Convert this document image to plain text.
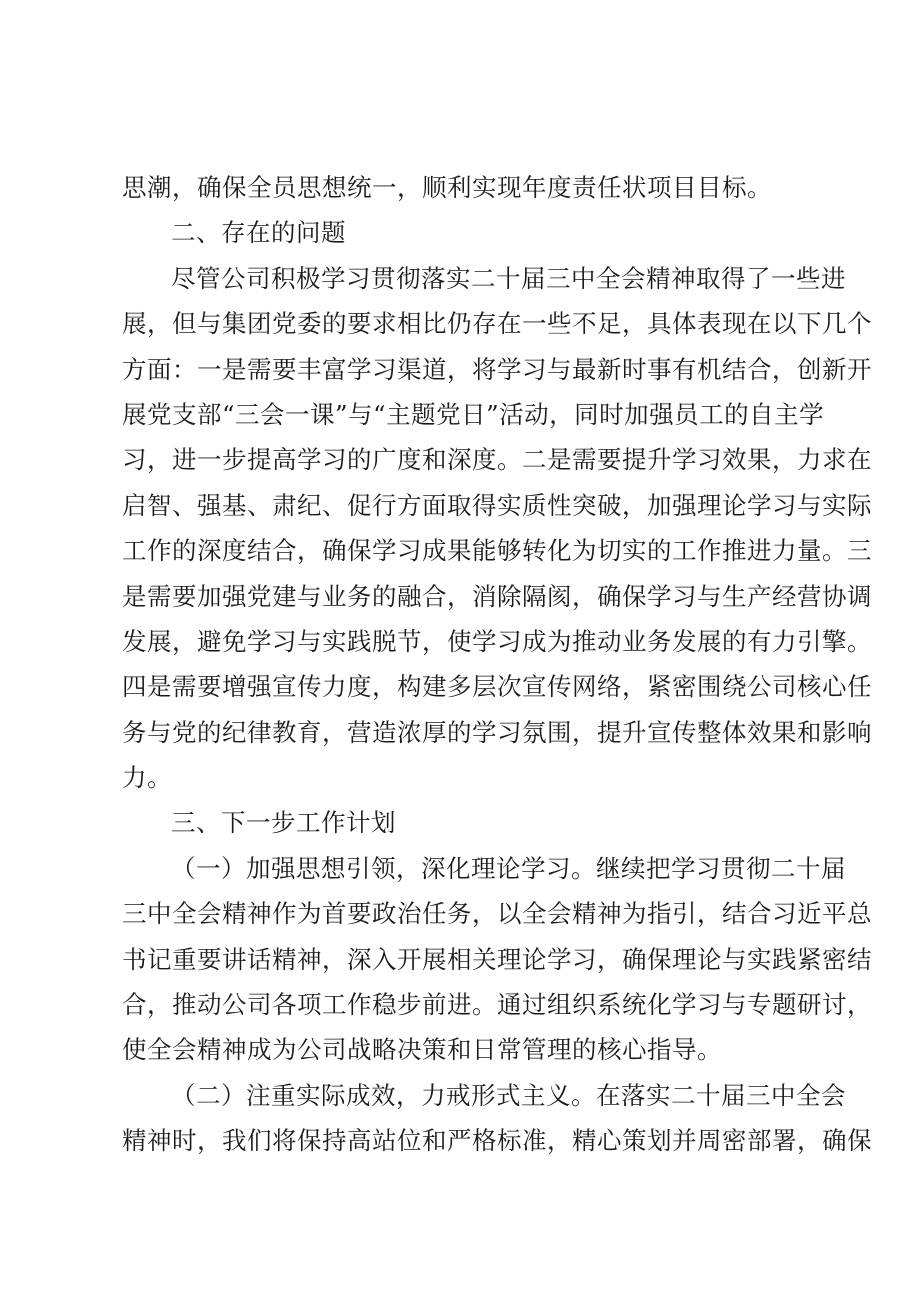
思潮，确保全员思想统一，顺利实现年度责任状项目目标。
二、存在的问题
尽管公司积极学习贯彻落实二十届三中全会精神取得了一些进
展，但与集团党委的要求相比仍存在一些不足，具体表现在以下几个
方面：一是需要丰富学习渠道，将学习与最新时事有机结合，创新开
展党支部“三会一课”与“主题党日”活动，同时加强员工的自主学
习，进一步提高学习的广度和深度。二是需要提升学习效果，力求在
启智、强基、肃纪、促行方面取得实质性突破，加强理论学习与实际
工作的深度结合，确保学习成果能够转化为切实的工作推进力量。三
是需要加强党建与业务的融合，消除隔阂，确保学习与生产经营协调
发展，避免学习与实践脱节，使学习成为推动业务发展的有力引擎。
四是需要增强宣传力度，构建多层次宣传网络，紧密围绕公司核心任
务与党的纪律教育，营造浓厚的学习氛围，提升宣传整体效果和影响
力。
三、下一步工作计划
（一）加强思想引领，深化理论学习。继续把学习贯彻二十届
三中全会精神作为首要政治任务，以全会精神为指引，结合习近平总
书记重要讲话精神，深入开展相关理论学习，确保理论与实践紧密结
合，推动公司各项工作稳步前进。通过组织系统化学习与专题研讨，
使全会精神成为公司战略决策和日常管理的核心指导。
（二）注重实际成效，力戒形式主义。在落实二十届三中全会
精神时，我们将保持高站位和严格标准，精心策划并周密部署，确保
